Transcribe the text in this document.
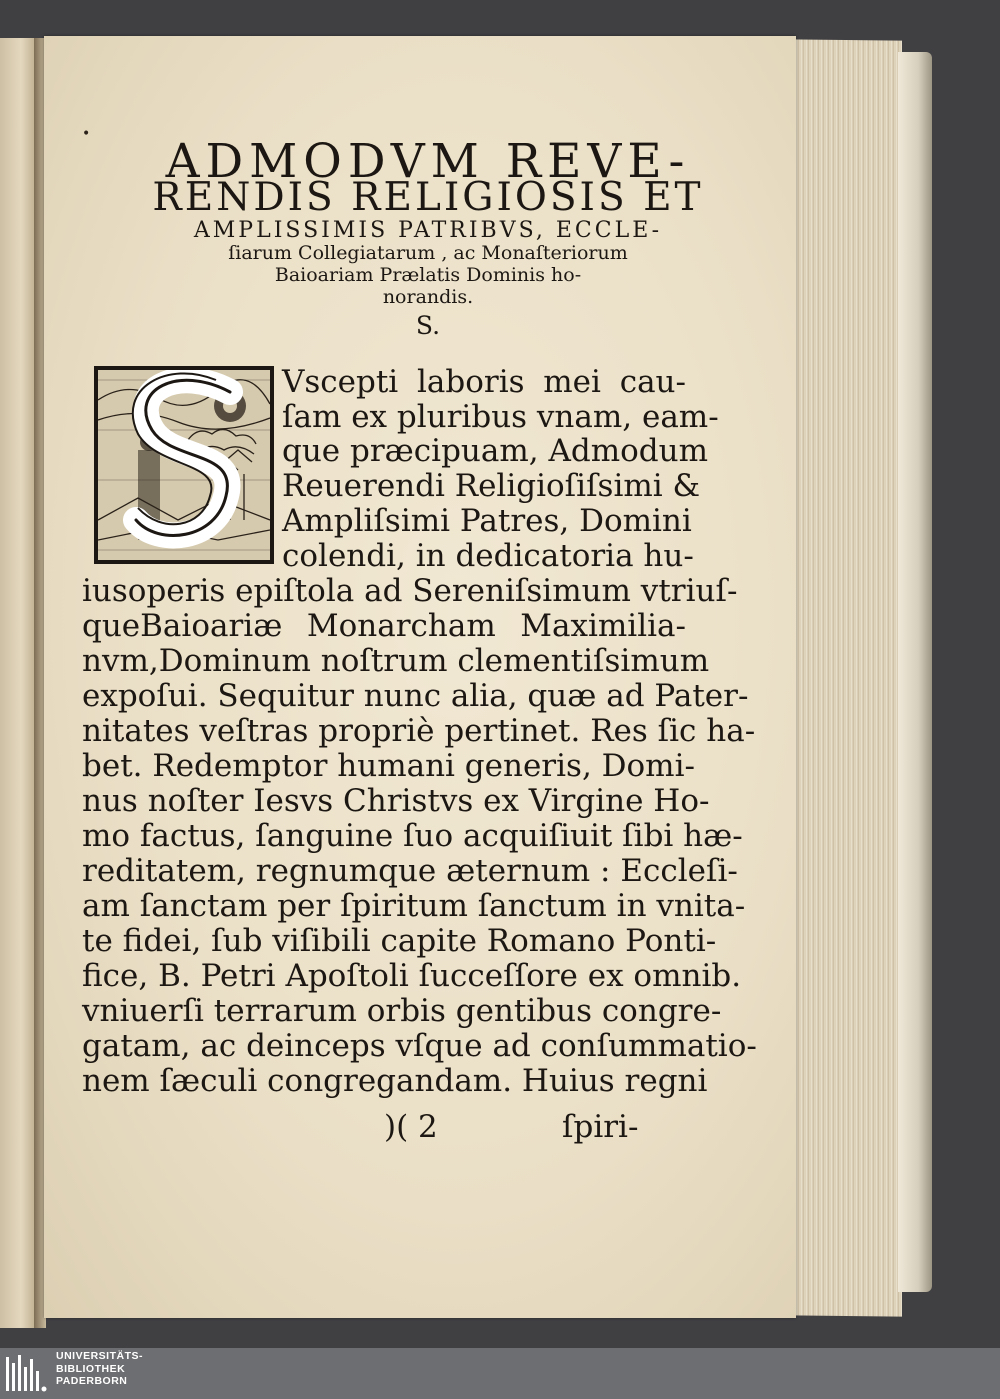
•	ADMODVM REVE-
RENDIS RELIGIOSIS ET
AMPLISSIMIS PATRIBVS, ECCLE-
ſiarum Collegiatarum , ac Monaſteriorum
Baioariam Prælatis Dominis ho-
norandis.
S.
Vscepti laboris mei cau-
ſam ex pluribus vnam, eam-
que præcipuam, Admodum
Reuerendi Religioſiſsimi &
Ampliſsimi Patres, Domini
colendi, in dedicatoria hu-
iusoperis epiſtola ad Sereniſsimum vtriuſ-
queBaioariæ Monarcham Maximilia-
nvm,Dominum noſtrum clementiſsimum
expoſui. Sequitur nunc alia, quæ ad Pater-
nitates veſtras propriè pertinet. Res ſic ha-
bet. Redemptor humani generis, Domi-
nus noſter Iesvs Christvs ex Virgine Ho-
mo factus, ſanguine ſuo acquiſiuit ſibi hæ-
reditatem, regnumque æternum : Eccleſi-
am ſanctam per ſpiritum ſanctum in vnita-
te fidei, ſub viſibili capite Romano Ponti-
fice, B. Petri Apoſtoli ſucceſſore ex omnib.
vniuerſi terrarum orbis gentibus congre-
gatam, ac deinceps vſque ad conſummatio-
nem ſæculi congregandam. Huius regni
)( 2	ſpiri-
UNIVERSITÄTS-
BIBLIOTHEK
PADERBORN
